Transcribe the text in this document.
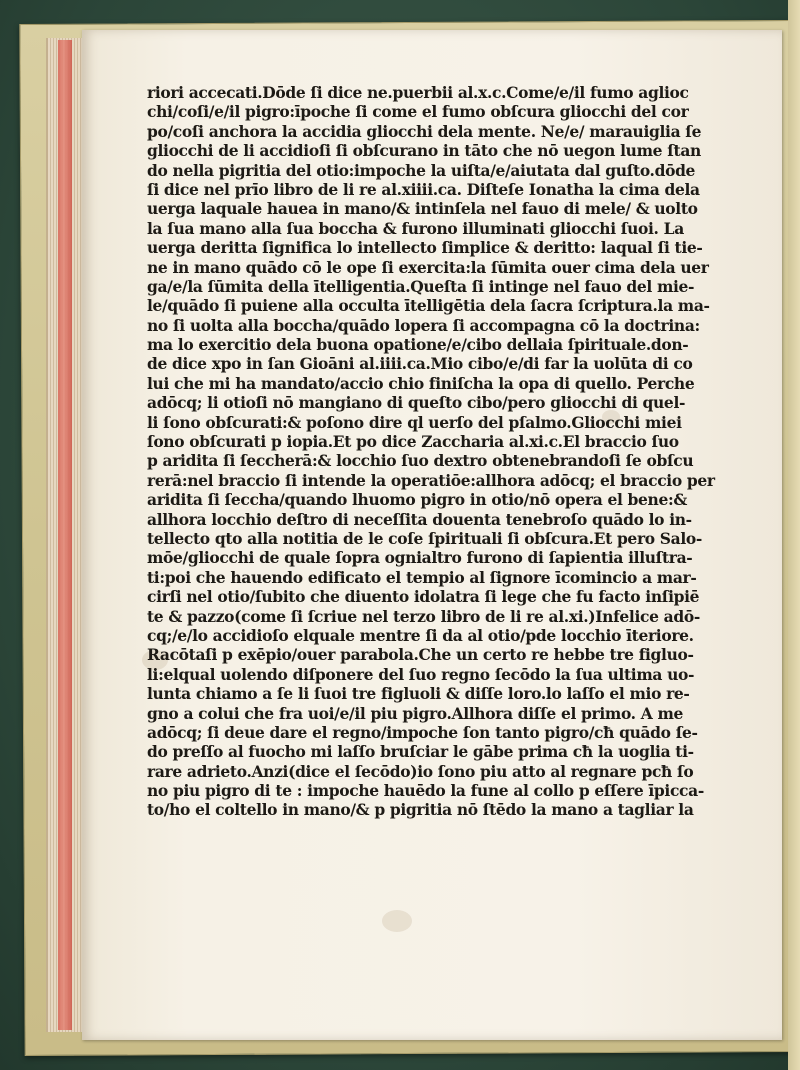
riori accecati.Dōde ſi dice ne.puerbii al.x.c.Come/e/il fumo aglioc
chi/coſi/e/il pigro:īpoche ſi come el fumo obſcura gliocchi del cor
po/coſi anchora la accidia gliocchi dela mente. Ne/e/ marauiglia ſe
gliocchi de li accidioſi ſi obſcurano in tāto che nō uegon lume ſtan
do nella pigritia del otio:impoche la uiſta/e/aiutata dal guſto.dōde
ſi dice nel prīo libro de li re al.xiiii.ca. Diſteſe Ionatha la cima dela
uerga laquale hauea in mano/& intinſela nel fauo di mele/ & uolto
la ſua mano alla ſua boccha & furono illuminati gliocchi ſuoi. La
uerga deritta ſignifica lo intellecto ſimplice & deritto: laqual ſi tie-
ne in mano quādo cō le ope ſi exercita:la ſūmita ouer cima dela uer
ga/e/la ſūmita della ītelligentia.Queſta ſi intinge nel fauo del mie-
le/quādo ſi puiene alla occulta ītelligētia dela ſacra ſcriptura.la ma-
no ſi uolta alla boccha/quādo lopera ſi accompagna cō la doctrina:
ma lo exercitio dela buona opatione/e/cibo dellaia ſpirituale.don-
de dice xpo in ſan Gioāni al.iiii.ca.Mio cibo/e/di far la uolūta di co
lui che mi ha mandato/accio chio finiſcha la opa di quello. Perche
adōcq; li otioſi nō mangiano di queſto cibo/pero gliocchi di quel-
li ſono obſcurati:& poſono dire ql uerſo del pſalmo.Gliocchi miei
ſono obſcurati p iopia.Et po dice Zaccharia al.xi.c.El braccio ſuo
p aridita ſi ſeccherā:& locchio ſuo dextro obtenebrandoſi ſe obſcu
rerā:nel braccio ſi intende la operatiōe:allhora adōcq; el braccio per
aridita ſi ſeccha/quando lhuomo pigro in otio/nō opera el bene:&
allhora locchio deſtro di neceſſita douenta tenebroſo quādo lo in-
tellecto qto alla notitia de le coſe ſpirituali ſi obſcura.Et pero Salo-
mōe/gliocchi de quale ſopra ognialtro furono di ſapientia illuſtra-
ti:poi che hauendo edificato el tempio al ſignore īcomincio a mar-
cirſi nel otio/ſubito che diuento idolatra ſi lege che fu facto inſipiē
te & pazzo(come ſi ſcriue nel terzo libro de li re al.xi.)Infelice adō-
cq;/e/lo accidioſo elquale mentre ſi da al otio/pde locchio īteriore.
Racōtaſi p exēpio/ouer parabola.Che un certo re hebbe tre figluo-
li:elqual uolendo diſponere del ſuo regno ſecōdo la ſua ultima uo-
lunta chiamo a ſe li ſuoi tre figluoli & diſſe loro.lo laſſo el mio re-
gno a colui che fra uoi/e/il piu pigro.Allhora diſſe el primo. A me
adōcq; ſi deue dare el regno/impoche ſon tanto pigro/cħ quādo ſe-
do preſſo al fuocho mi laſſo bruſciar le gābe prima cħ la uoglia ti-
rare adrieto.Anzi(dice el ſecōdo)io ſono piu atto al regnare pcħ ſo
no piu pigro di te : impoche hauēdo la fune al collo p eſſere īpicca-
to/ho el coltello in mano/& p pigritia nō ſtēdo la mano a tagliar la
